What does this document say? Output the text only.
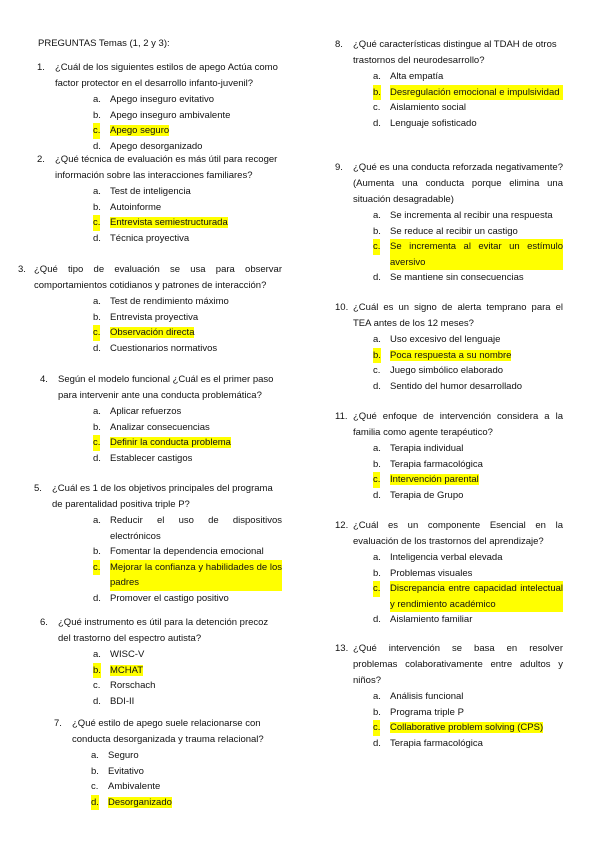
PREGUNTAS Temas (1, 2 y 3):
1. ¿Cuál de los siguientes estilos de apego Actúa como factor protector en el desarrollo infanto-juvenil?
a. Apego inseguro evitativo
b. Apego inseguro ambivalente
c. Apego seguro
d. Apego desorganizado
2. ¿Qué técnica de evaluación es más útil para recoger información sobre las interacciones familiares?
a. Test de inteligencia
b. Autoinforme
c. Entrevista semiestructurada
d. Técnica proyectiva
3. ¿Qué tipo de evaluación se usa para observar comportamientos cotidianos y patrones de interacción?
a. Test de rendimiento máximo
b. Entrevista proyectiva
c. Observación directa
d. Cuestionarios normativos
4. Según el modelo funcional ¿Cuál es el primer paso para intervenir ante una conducta problemática?
a. Aplicar refuerzos
b. Analizar consecuencias
c. Definir la conducta problema
d. Establecer castigos
5. ¿Cuál es 1 de los objetivos principales del programa de parentalidad positiva triple P?
a. Reducir el uso de dispositivos electrónicos
b. Fomentar la dependencia emocional
c. Mejorar la confianza y habilidades de los padres
d. Promover el castigo positivo
6. ¿Qué instrumento es útil para la detención precoz del trastorno del espectro autista?
a. WISC-V
b. MCHAT
c. Rorschach
d. BDI-II
7. ¿Qué estilo de apego suele relacionarse con conducta desorganizada y trauma relacional?
a. Seguro
b. Evitativo
c. Ambivalente
d. Desorganizado
8. ¿Qué características distingue al TDAH de otros trastornos del neurodesarrollo?
a. Alta empatía
b. Desregulación emocional e impulsividad
c. Aislamiento social
d. Lenguaje sofisticado
9. ¿Qué es una conducta reforzada negativamente? (Aumenta una conducta porque elimina una situación desagradable)
a. Se incrementa al recibir una respuesta
b. Se reduce al recibir un castigo
c. Se incrementa al evitar un estímulo aversivo
d. Se mantiene sin consecuencias
10. ¿Cuál es un signo de alerta temprano para el TEA antes de los 12 meses?
a. Uso excesivo del lenguaje
b. Poca respuesta a su nombre
c. Juego simbólico elaborado
d. Sentido del humor desarrollado
11. ¿Qué enfoque de intervención considera a la familia como agente terapéutico?
a. Terapia individual
b. Terapia farmacológica
c. Intervención parental
d. Terapia de Grupo
12. ¿Cuál es un componente Esencial en la evaluación de los trastornos del aprendizaje?
a. Inteligencia verbal elevada
b. Problemas visuales
c. Discrepancia entre capacidad intelectual y rendimiento académico
d. Aislamiento familiar
13. ¿Qué intervención se basa en resolver problemas colaborativamente entre adultos y niños?
a. Análisis funcional
b. Programa triple P
c. Collaborative problem solving (CPS)
d. Terapia farmacológica
